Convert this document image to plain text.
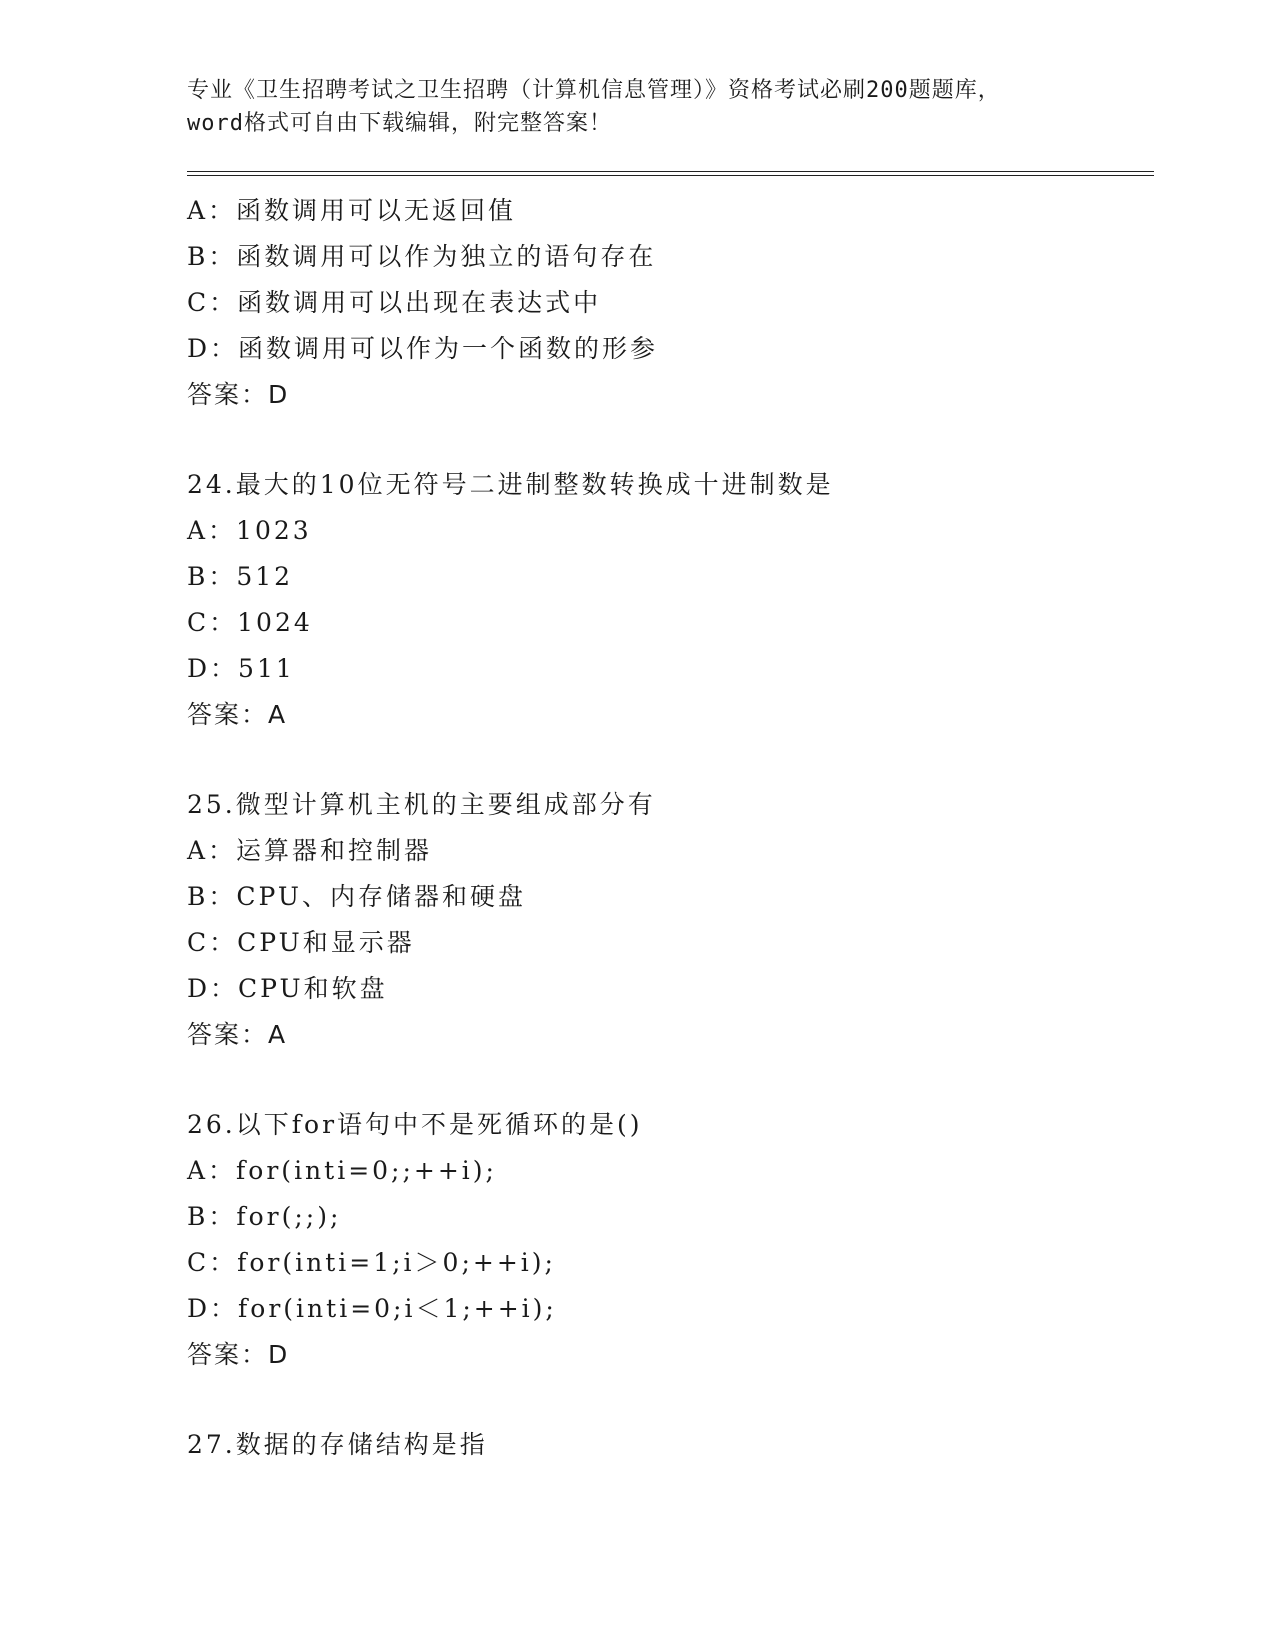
专业《卫生招聘考试之卫生招聘（计算机信息管理）》资格考试必刷200题题库，
word格式可自由下载编辑，附完整答案！
A：函数调用可以无返回值
B：函数调用可以作为独立的语句存在
C：函数调用可以出现在表达式中
D：函数调用可以作为一个函数的形参
答案：D
24.最大的10位无符号二进制整数转换成十进制数是
A：1023
B：512
C：1024
D：511
答案：A
25.微型计算机主机的主要组成部分有
A：运算器和控制器
B：CPU、内存储器和硬盘
C：CPU和显示器
D：CPU和软盘
答案：A
26.以下for语句中不是死循环的是()
A：for(inti=0;;++i);
B：for(;;);
C：for(inti=1;i＞0;++i);
D：for(inti=0;i＜1;++i);
答案：D
27.数据的存储结构是指
